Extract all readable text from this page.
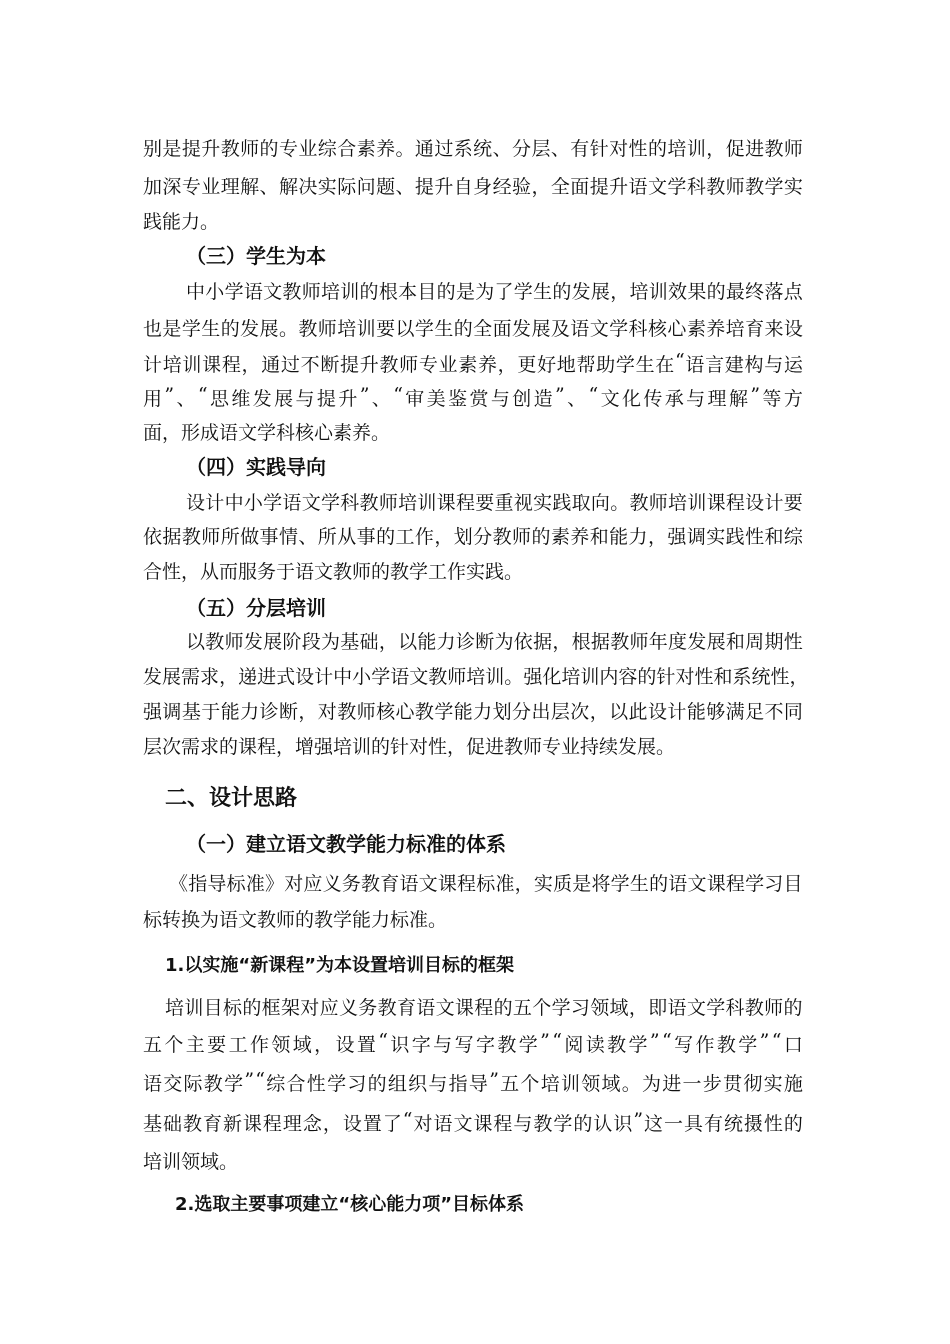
别 是 提 升 教 师 的 专 业 综 合 素 养 。 通 过 系 统 、 分 层 、 有 针 对 性 的 培 训 ， 促 进 教 师
加 深 专 业 理 解 、 解 决 实 际 问 题 、 提 升 自 身 经 验 ， 全 面 提 升 语 文 学 科 教 师 教 学 实
践能力。
（三）学生为本
中 小 学 语 文 教 师 培 训 的 根 本 目 的 是 为 了 学 生 的 发 展 ， 培 训 效 果 的 最 终 落 点
也 是 学 生 的 发 展 。 教 师 培 训 要 以 学 生 的 全 面 发 展 及 语 文 学 科 核 心 素 养 培 育 来 设
计 培 训 课 程 ， 通 过 不 断 提 升 教 师 专 业 素 养 ， 更 好 地 帮 助 学 生 在 “ 语 言 建 构 与 运
用 ” 、 “ 思 维 发 展 与 提 升 ” 、 “ 审 美 鉴 赏 与 创 造 ” 、 “ 文 化 传 承 与 理 解 ” 等 方
面，形成语文学科核心素养。
（四）实践导向
设 计 中 小 学 语 文 学 科 教 师 培 训 课 程 要 重 视 实 践 取 向 。 教 师 培 训 课 程 设 计 要
依 据 教 师 所 做 事 情 、 所 从 事 的 工 作 ， 划 分 教 师 的 素 养 和 能 力 ， 强 调 实 践 性 和 综
合性，从而服务于语文教师的教学工作实践。
（五）分层培训
以 教 师 发 展 阶 段 为 基 础 ， 以 能 力 诊 断 为 依 据 ， 根 据 教 师 年 度 发 展 和 周 期 性
发 展 需 求 ， 递 进 式 设 计 中 小 学 语 文 教 师 培 训 。 强 化 培 训 内 容 的 针 对 性 和 系 统 性 ，
强 调 基 于 能 力 诊 断 ， 对 教 师 核 心 教 学 能 力 划 分 出 层 次 ， 以 此 设 计 能 够 满 足 不 同
层次需求的课程，增强培训的针对性，促进教师专业持续发展。
二、设计思路
（一）建立语文教学能力标准的体系
《 指 导 标 准 》 对 应 义 务 教 育 语 文 课 程 标 准 ， 实 质 是 将 学 生 的 语 文 课 程 学 习 目
标转换为语文教师的教学能力标准。
1.以实施“新课程”为本设置培训目标的框架
培 训 目 标 的 框 架 对 应 义 务 教 育 语 文 课 程 的 五 个 学 习 领 域 ， 即 语 文 学 科 教 师 的
五 个 主 要 工 作 领 域 ， 设 置 “ 识 字 与 写 字 教 学 ” “ 阅 读 教 学 ” “ 写 作 教 学 ” “ 口
语 交 际 教 学 ” “ 综 合 性 学 习 的 组 织 与 指 导 ” 五 个 培 训 领 域 。 为 进 一 步 贯 彻 实 施
基 础 教 育 新 课 程 理 念 ， 设 置 了 “ 对 语 文 课 程 与 教 学 的 认 识 ” 这 一 具 有 统 摄 性 的
培训领域。
2.选取主要事项建立“核心能力项”目标体系
